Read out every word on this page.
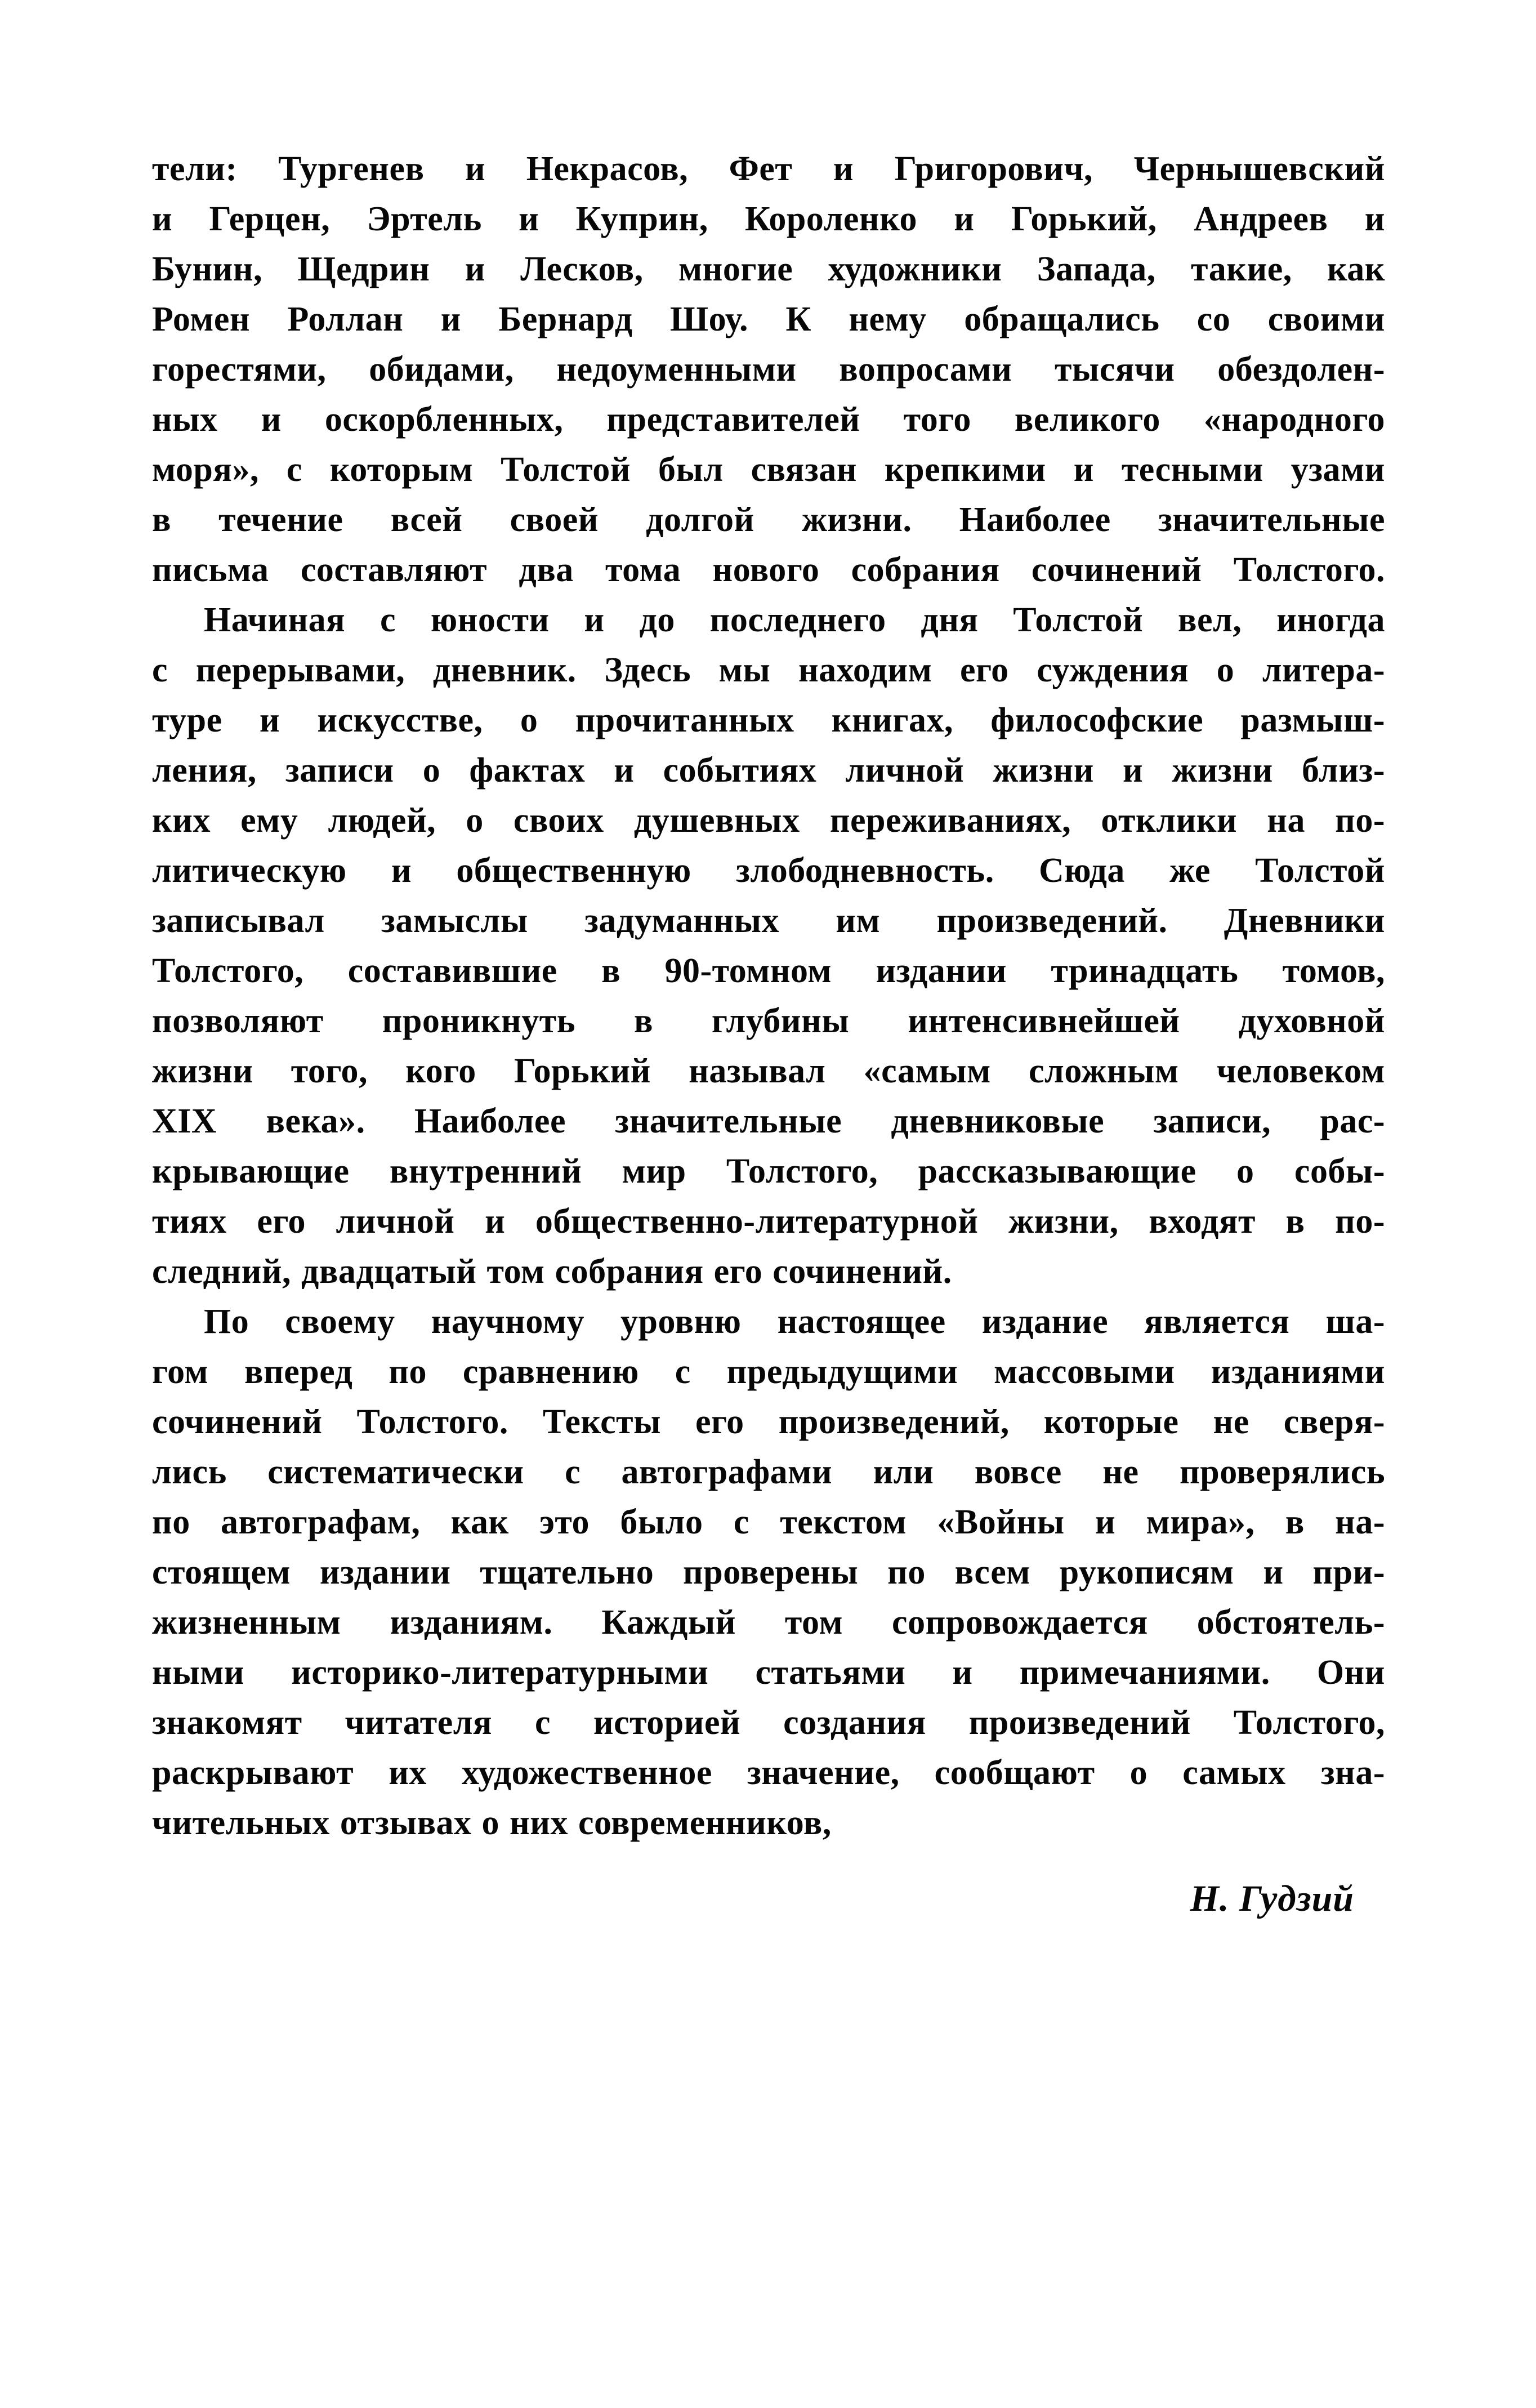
тели: Тургенев и Некрасов, Фет и Григорович, Чернышевский
и Герцен, Эртель и Куприн, Короленко и Горький, Андреев и
Бунин, Щедрин и Лесков, многие художники Запада, такие, как
Ромен Роллан и Бернард Шоу. К нему обращались со своими
горестями, обидами, недоуменными вопросами тысячи обездолен-
ных и оскорбленных, представителей того великого «народного
моря», с которым Толстой был связан крепкими и тесными узами
в течение всей своей долгой жизни. Наиболее значительные
письма составляют два тома нового собрания сочинений Толстого.
Начиная с юности и до последнего дня Толстой вел, иногда
с перерывами, дневник. Здесь мы находим его суждения о литера-
туре и искусстве, о прочитанных книгах, философские размыш-
ления, записи о фактах и событиях личной жизни и жизни близ-
ких ему людей, о своих душевных переживаниях, отклики на по-
литическую и общественную злободневность. Сюда же Толстой
записывал замыслы задуманных им произведений. Дневники
Толстого, составившие в 90-томном издании тринадцать томов,
позволяют проникнуть в глубины интенсивнейшей духовной
жизни того, кого Горький называл «самым сложным человеком
XIX века». Наиболее значительные дневниковые записи, рас-
крывающие внутренний мир Толстого, рассказывающие о собы-
тиях его личной и общественно-литературной жизни, входят в по-
следний, двадцатый том собрания его сочинений.
По своему научному уровню настоящее издание является ша-
гом вперед по сравнению с предыдущими массовыми изданиями
сочинений Толстого. Тексты его произведений, которые не сверя-
лись систематически с автографами или вовсе не проверялись
по автографам, как это было с текстом «Войны и мира», в на-
стоящем издании тщательно проверены по всем рукописям и при-
жизненным изданиям. Каждый том сопровождается обстоятель-
ными историко-литературными статьями и примечаниями. Они
знакомят читателя с историей создания произведений Толстого,
раскрывают их художественное значение, сообщают о самых зна-
чительных отзывах о них современников,
Н. Гудзий
